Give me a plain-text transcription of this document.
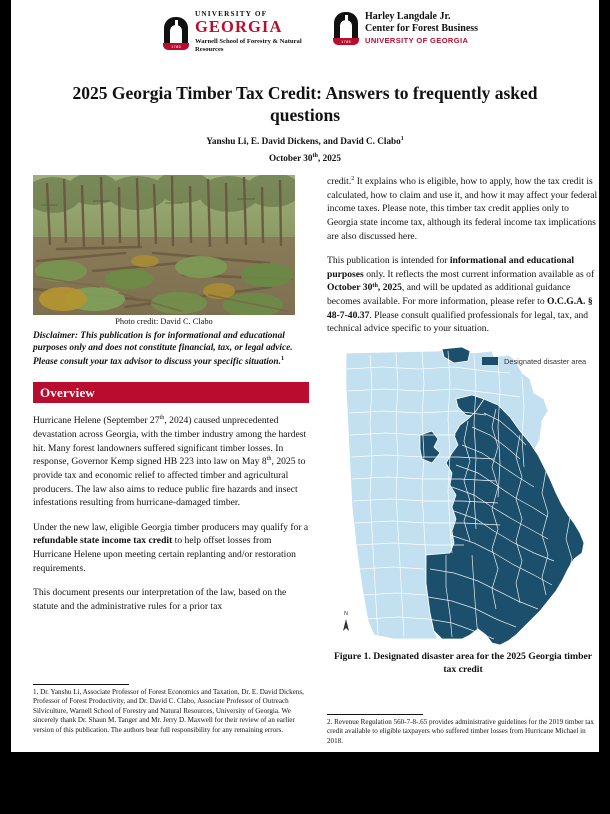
1785
UNIVERSITY OF
GEORGIA
Warnell School of Forestry & Natural Resources
1785
Harley Langdale Jr.
Center for Forest Business
UNIVERSITY OF GEORGIA
2025 Georgia Timber Tax Credit: Answers to frequently asked questions
Yanshu Li, E. David Dickens, and David C. Clabo$^1$
October 30th, 2025
Photo credit: David C. Clabo

Disclaimer: This publication is for informational and educational purposes only and does not constitute financial, tax, or legal advice. Please consult your tax advisor to discuss your specific situation.$^1$

Overview

Hurricane Helene (September 27th, 2024) caused unprecedented devastation across Georgia, with the timber industry among the hardest hit. Many forest landowners suffered significant timber losses. In response, Governor Kemp signed HB 223 into law on May 8th, 2025 to provide tax and economic relief to affected timber and agricultural producers. The law also aims to reduce public fire hazards and insect infestations resulting from hurricane-damaged timber.

Under the new law, eligible Georgia timber producers may qualify for a refundable state income tax credit to help offset losses from Hurricane Helene upon meeting certain replanting and/or restoration requirements.

This document presents our interpretation of the law, based on the statute and the administrative rules for a prior tax

credit.$^2$ It explains who is eligible, how to apply, how the tax credit is calculated, how to claim and use it, and how it may affect your federal income taxes. Please note, this timber tax credit applies only to Georgia state income tax, although its federal income tax implications are also discussed here.

This publication is intended for informational and educational purposes only. It reflects the most current information available as of October 30th, 2025, and will be updated as additional guidance becomes available. For more information, please refer to O.C.G.A. § 48-7-40.37. Please consult qualified professionals for legal, tax, and technical advice specific to your situation.

Designated disaster area
N
Figure 1. Designated disaster area for the 2025 Georgia timber tax credit

1. Dr. Yanshu Li, Associate Professor of Forest Economics and Taxation, Dr. E. David Dickens, Professor of Forest Productivity, and Dr. David C. Clabo, Associate Professor of Outreach Silviculture, Warnell School of Forestry and Natural Resources, University of Georgia. We sincerely thank Dr. Shaun M. Tanger and Mr. Jerry D. Maxwell for their review of an earlier version of this publication. The authors bear full responsibility for any remaining errors.

2. Revenue Regulation 560-7-8-.65 provides administrative guidelines for the 2019 timber tax credit available to eligible taxpayers who suffered timber losses from Hurricane Michael in 2018.
